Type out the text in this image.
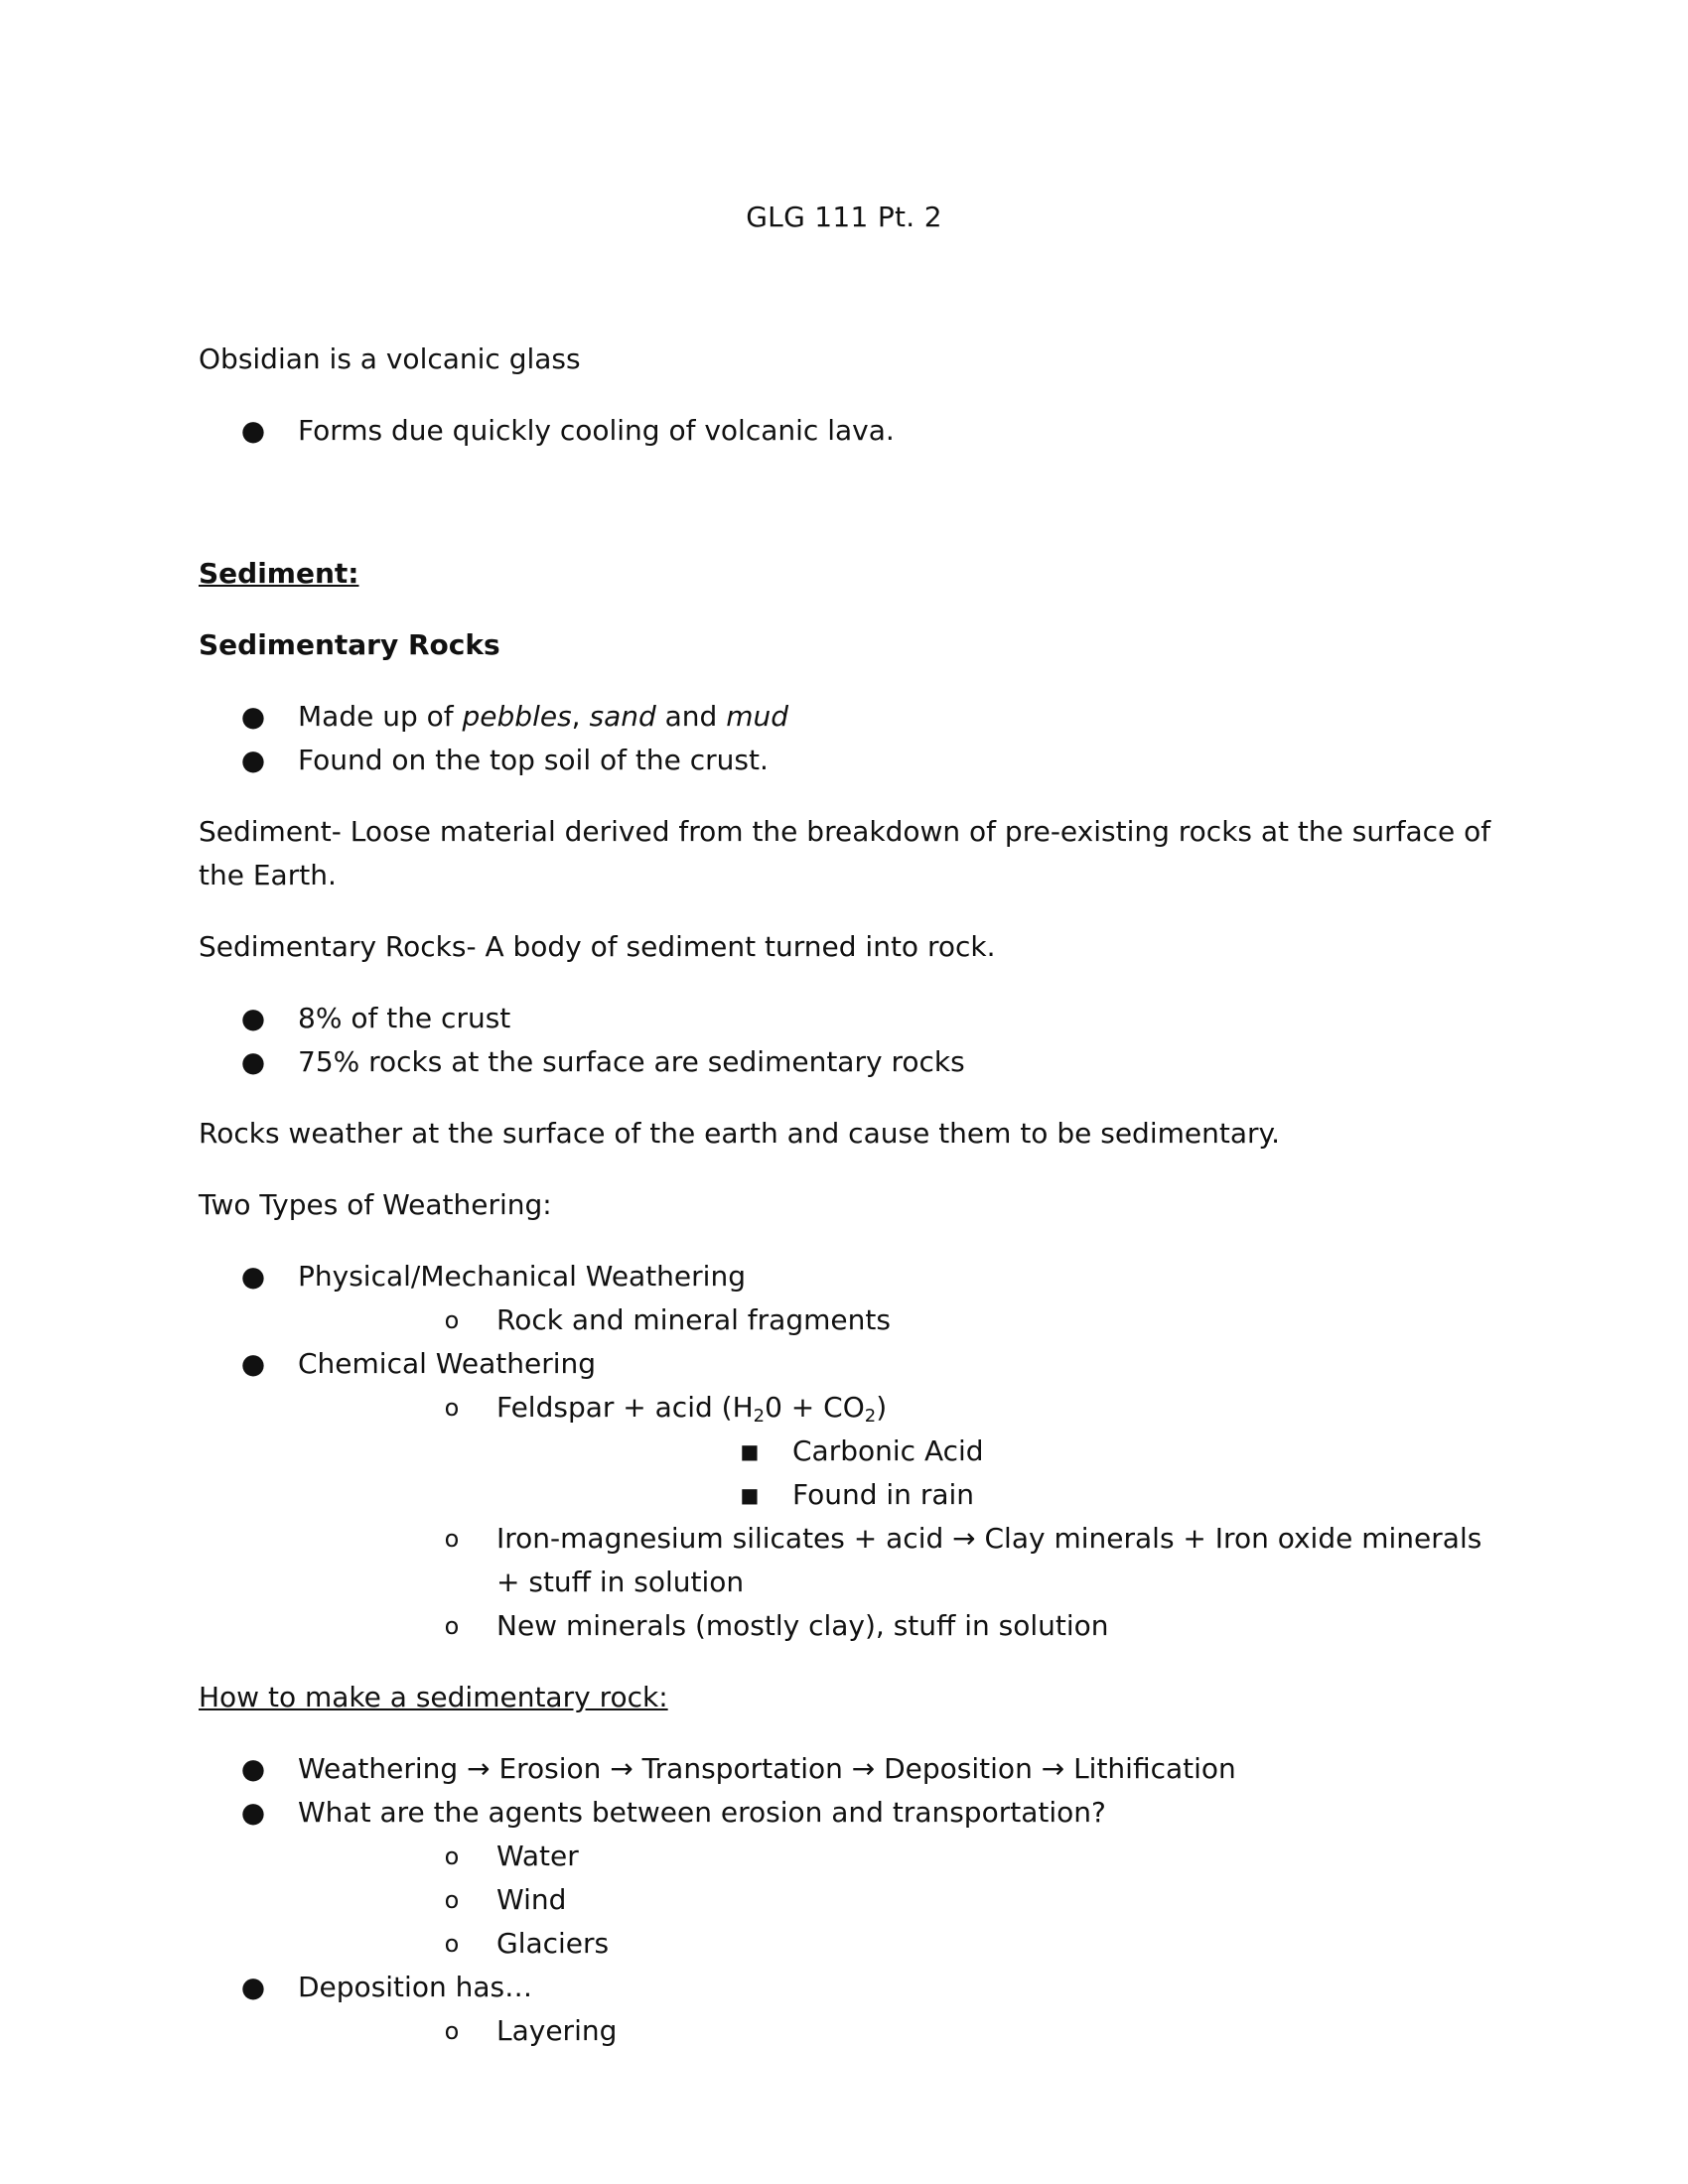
GLG 111 Pt. 2

Obsidian is a volcanic glass

● Forms due quickly cooling of volcanic lava.

Sediment:

Sedimentary Rocks

● Made up of pebbles, sand and mud
● Found on the top soil of the crust.

Sediment- Loose material derived from the breakdown of pre-existing rocks at the surface of the Earth.

Sedimentary Rocks- A body of sediment turned into rock.

● 8% of the crust
● 75% rocks at the surface are sedimentary rocks

Rocks weather at the surface of the earth and cause them to be sedimentary.

Two Types of Weathering:

● Physical/Mechanical Weathering
o Rock and mineral fragments
● Chemical Weathering
o Feldspar + acid $(H_20 + CO_2)$
■ Carbonic Acid
■ Found in rain
o Iron-magnesium silicates + acid → Clay minerals + Iron oxide minerals + stuff in solution
o New minerals (mostly clay), stuff in solution

How to make a sedimentary rock:

● Weathering → Erosion → Transportation → Deposition → Lithification
● What are the agents between erosion and transportation?
o Water
o Wind
o Glaciers
● Deposition has…
o Layering
